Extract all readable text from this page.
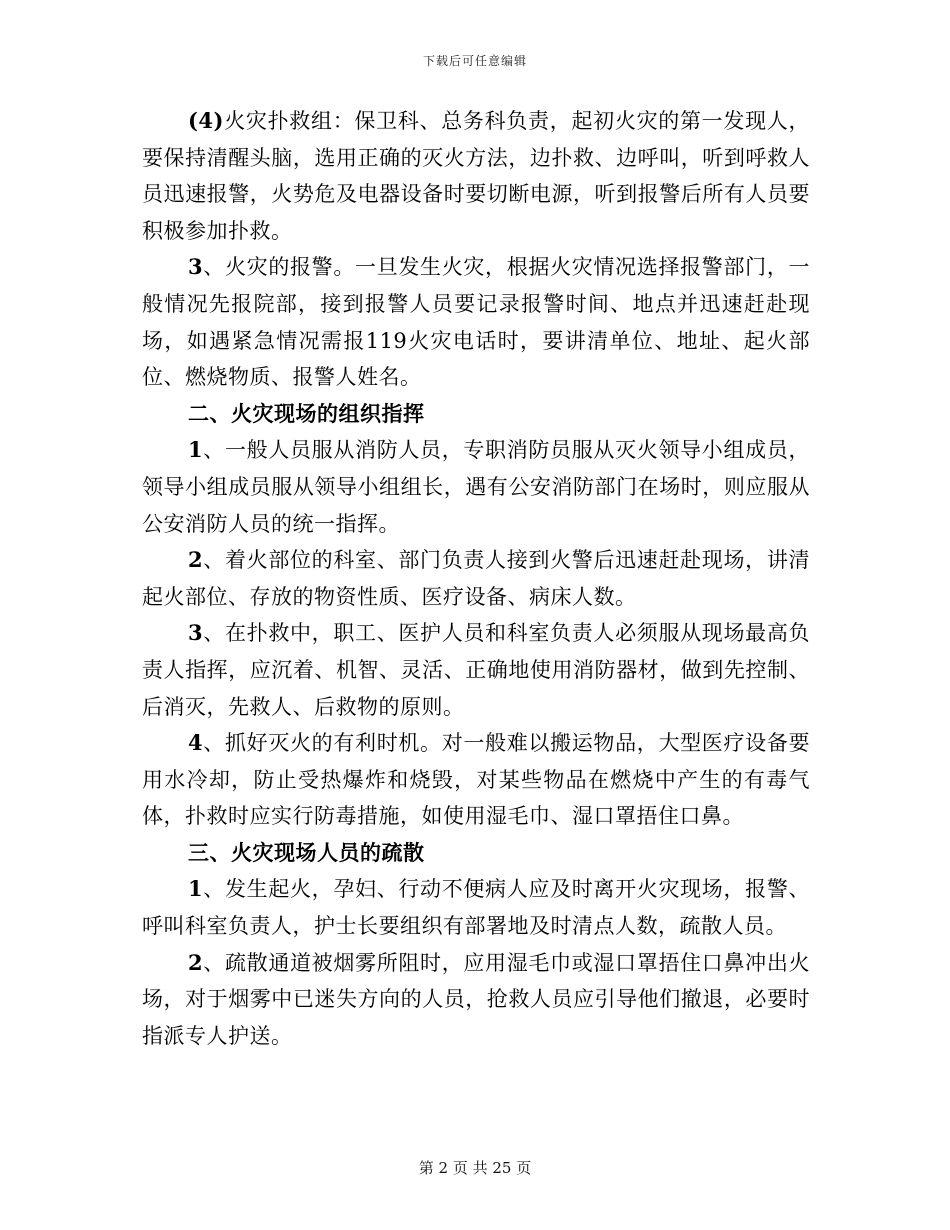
下载后可任意编辑

(4)火灾扑救组：保卫科、总务科负责，起初火灾的第一发现人，要保持清醒头脑，选用正确的灭火方法，边扑救、边呼叫，听到呼救人员迅速报警，火势危及电器设备时要切断电源，听到报警后所有人员要积极参加扑救。

3、火灾的报警。一旦发生火灾，根据火灾情况选择报警部门，一般情况先报院部，接到报警人员要记录报警时间、地点并迅速赶赴现场，如遇紧急情况需报119火灾电话时，要讲清单位、地址、起火部位、燃烧物质、报警人姓名。

二、火灾现场的组织指挥

1、一般人员服从消防人员，专职消防员服从灭火领导小组成员，领导小组成员服从领导小组组长，遇有公安消防部门在场时，则应服从公安消防人员的统一指挥。

2、着火部位的科室、部门负责人接到火警后迅速赶赴现场，讲清起火部位、存放的物资性质、医疗设备、病床人数。

3、在扑救中，职工、医护人员和科室负责人必须服从现场最高负责人指挥，应沉着、机智、灵活、正确地使用消防器材，做到先控制、后消灭，先救人、后救物的原则。

4、抓好灭火的有利时机。对一般难以搬运物品，大型医疗设备要用水冷却，防止受热爆炸和烧毁，对某些物品在燃烧中产生的有毒气体，扑救时应实行防毒措施，如使用湿毛巾、湿口罩捂住口鼻。

三、火灾现场人员的疏散

1、发生起火，孕妇、行动不便病人应及时离开火灾现场，报警、呼叫科室负责人，护士长要组织有部署地及时清点人数，疏散人员。

2、疏散通道被烟雾所阻时，应用湿毛巾或湿口罩捂住口鼻冲出火场，对于烟雾中已迷失方向的人员，抢救人员应引导他们撤退，必要时指派专人护送。

第 2 页 共 25 页
